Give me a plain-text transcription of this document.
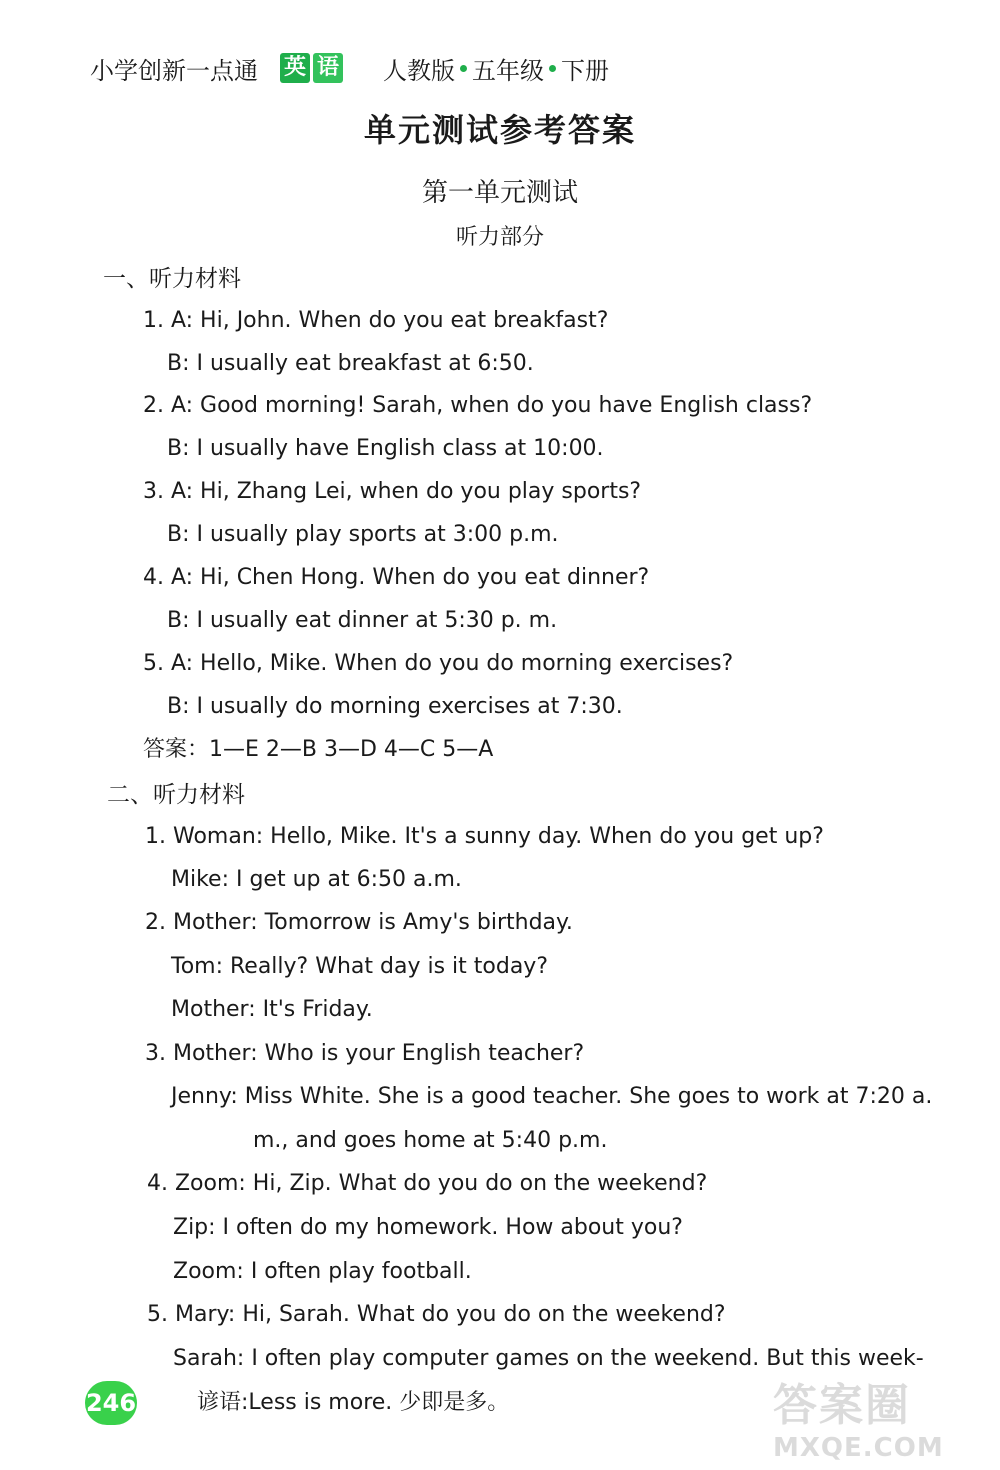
小学创新一点通 英 语 人教版 五年级 下册
单元测试参考答案
第一单元测试
听力部分
一、听力材料
1. A: Hi, John. When do you eat breakfast?
B: I usually eat breakfast at 6:50.
2. A: Good morning! Sarah, when do you have English class?
B: I usually have English class at 10:00.
3. A: Hi, Zhang Lei, when do you play sports?
B: I usually play sports at 3:00 p.m.
4. A: Hi, Chen Hong. When do you eat dinner?
B: I usually eat dinner at 5:30 p. m.
5. A: Hello, Mike. When do you do morning exercises?
B: I usually do morning exercises at 7:30.
答案：1—E 2—B 3—D 4—C 5—A
二、听力材料
1. Woman: Hello, Mike. It's a sunny day. When do you get up?
Mike: I get up at 6:50 a.m.
2. Mother: Tomorrow is Amy's birthday.
Tom: Really? What day is it today?
Mother: It's Friday.
3. Mother: Who is your English teacher?
Jenny: Miss White. She is a good teacher. She goes to work at 7:20 a.
m., and goes home at 5:40 p.m.
4. Zoom: Hi, Zip. What do you do on the weekend?
Zip: I often do my homework. How about you?
Zoom: I often play football.
5. Mary: Hi, Sarah. What do you do on the weekend?
Sarah: I often play computer games on the weekend. But this week-
246	谚语:Less is more. 少即是多。	答案圈
MXQE.COM
